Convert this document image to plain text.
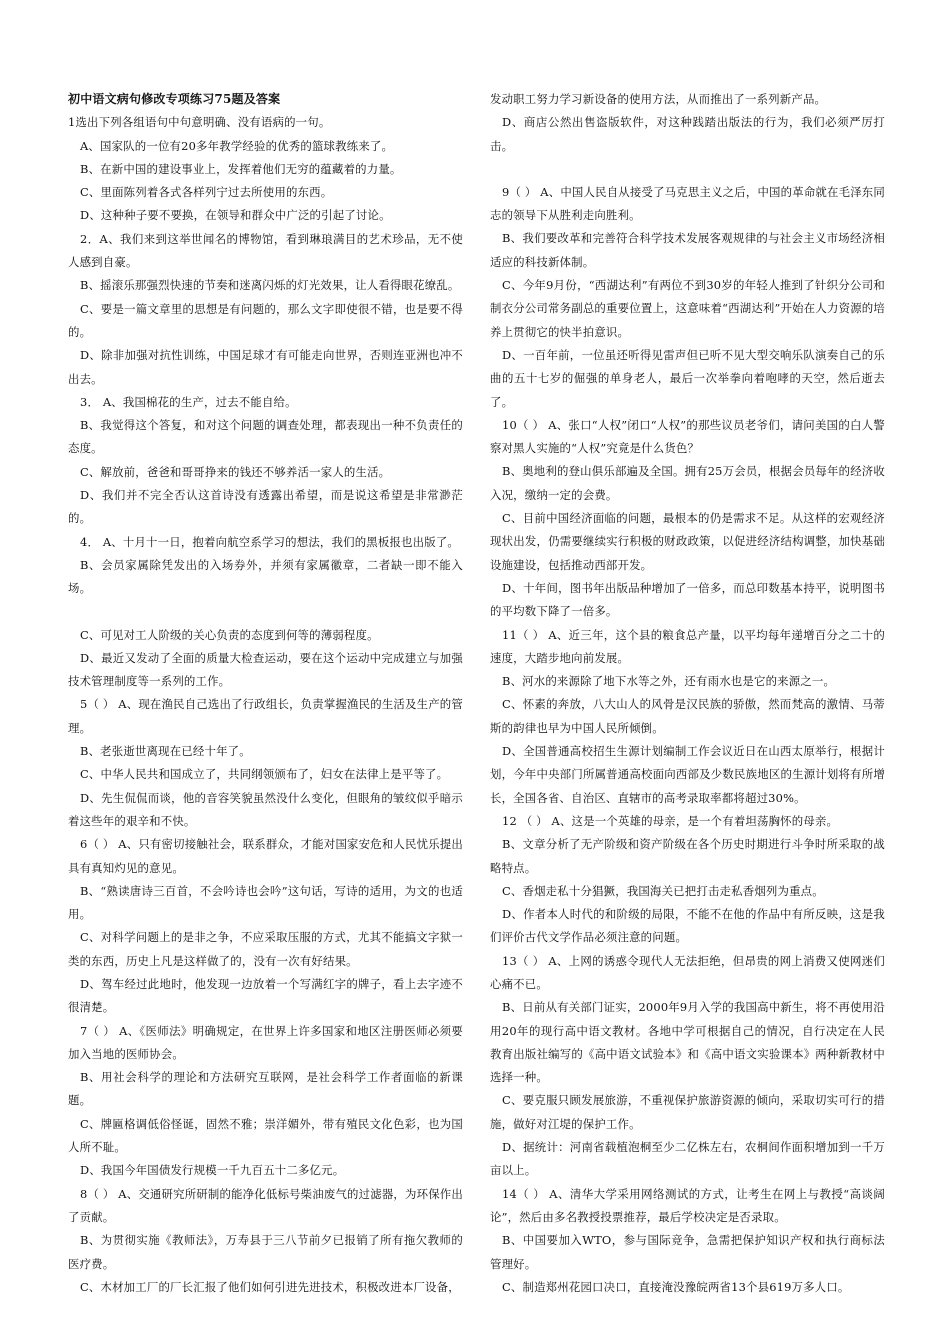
初中语文病句修改专项练习75题及答案
1选出下列各组语句中句意明确、没有语病的一句。
A、国家队的一位有20多年教学经验的优秀的篮球教练来了。
B、在新中国的建设事业上，发挥着他们无穷的蕴藏着的力量。
C、里面陈列着各式各样列宁过去所使用的东西。
D、这种种子要不要换，在领导和群众中广泛的引起了讨论。
2．A、我们来到这举世闻名的博物馆，看到琳琅满目的艺术珍品，无不使人感到自豪。
B、摇滚乐那强烈快速的节奏和迷离闪烁的灯光效果，让人看得眼花缭乱。
C、要是一篇文章里的思想是有问题的，那么文字即使很不错，也是要不得的。
D、除非加强对抗性训练，中国足球才有可能走向世界，否则连亚洲也冲不出去。
3． A、我国棉花的生产，过去不能自给。
B、我觉得这个答复，和对这个问题的调查处理，都表现出一种不负责任的态度。
C、解放前，爸爸和哥哥挣来的钱还不够养活一家人的生活。
D、我们并不完全否认这首诗没有透露出希望，而是说这希望是非常渺茫的。
4． A、十月十一日，抱着向航空系学习的想法，我们的黑板报也出版了。
B、会员家属除凭发出的入场券外，并须有家属徽章，二者缺一即不能入场。
C、可见对工人阶级的关心负责的态度到何等的薄弱程度。
D、最近又发动了全面的质量大检查运动，要在这个运动中完成建立与加强技术管理制度等一系列的工作。
5（ ） A、现在渔民自己选出了行政组长，负责掌握渔民的生活及生产的管理。
B、老张逝世离现在已经十年了。
C、中华人民共和国成立了，共同纲领颁布了，妇女在法律上是平等了。
D、先生侃侃而谈，他的音容笑貌虽然没什么变化，但眼角的皱纹似乎暗示着这些年的艰辛和不快。
6（ ） A、只有密切接触社会，联系群众，才能对国家安危和人民忧乐提出具有真知灼见的意见。
B、“熟读唐诗三百首，不会吟诗也会吟”这句话，写诗的适用，为文的也适用。
C、对科学问题上的是非之争，不应采取压服的方式，尤其不能搞文字狱一类的东西，历史上凡是这样做了的，没有一次有好结果。
D、驾车经过此地时，他发现一边放着一个写满红字的牌子，看上去字迹不很清楚。
7（ ） A、《医师法》明确规定，在世界上许多国家和地区注册医师必须要加入当地的医师协会。
B、用社会科学的理论和方法研究互联网，是社会科学工作者面临的新课题。
C、牌匾格调低俗怪诞，固然不雅；崇洋媚外，带有殖民文化色彩，也为国人所不耻。
D、我国今年国债发行规模一千九百五十二多亿元。
8（ ） A、交通研究所研制的能净化低标号柴油废气的过滤器，为环保作出了贡献。
B、为贯彻实施《教师法》，万寿县于三八节前夕已报销了所有拖欠教师的医疗费。
C、木材加工厂的厂长汇报了他们如何引进先进技术，积极改进本厂设备，
发动职工努力学习新设备的使用方法，从而推出了一系列新产品。
D、商店公然出售盗版软件，对这种践踏出版法的行为，我们必须严厉打击。
9（ ） A、中国人民自从接受了马克思主义之后，中国的革命就在毛泽东同志的领导下从胜利走向胜利。
B、我们要改革和完善符合科学技术发展客观规律的与社会主义市场经济相适应的科技新体制。
C、今年9月份，“西湖达利”有两位不到30岁的年轻人推到了针织分公司和制衣分公司常务副总的重要位置上，这意味着“西湖达利”开始在人力资源的培养上贯彻它的快半拍意识。
D、一百年前，一位虽还听得见雷声但已听不见大型交响乐队演奏自己的乐曲的五十七岁的倔强的单身老人，最后一次举拳向着咆哮的天空，然后逝去了。
10（ ） A、张口“人权”闭口“人权”的那些议员老爷们，请问美国的白人警察对黑人实施的“人权”究竟是什么货色？
B、奥地利的登山俱乐部遍及全国。拥有25万会员，根据会员每年的经济收入况，缴纳一定的会费。
C、目前中国经济面临的问题，最根本的仍是需求不足。从这样的宏观经济现状出发，仍需要继续实行积极的财政政策，以促进经济结构调整，加快基础设施建设，包括推动西部开发。
D、十年间，图书年出版品种增加了一倍多，而总印数基本持平，说明图书的平均数下降了一倍多。
11（ ） A、近三年，这个县的粮食总产量，以平均每年递增百分之二十的速度，大踏步地向前发展。
B、河水的来源除了地下水等之外，还有雨水也是它的来源之一。
C、怀素的奔放，八大山人的风骨是汉民族的骄傲，然而梵高的激情、马蒂斯的韵律也早为中国人民所倾倒。
D、全国普通高校招生生源计划编制工作会议近日在山西太原举行，根据计划，今年中央部门所属普通高校面向西部及少数民族地区的生源计划将有所增长，全国各省、自治区、直辖市的高考录取率都将超过30%。
12 （ ） A、这是一个英雄的母亲，是一个有着坦荡胸怀的母亲。
B、文章分析了无产阶级和资产阶级在各个历史时期进行斗争时所采取的战略特点。
C、香烟走私十分猖獗，我国海关已把打击走私香烟列为重点。
D、作者本人时代的和阶级的局限，不能不在他的作品中有所反映，这是我们评价古代文学作品必须注意的问题。
13（ ） A、上网的诱惑令现代人无法拒绝，但昂贵的网上消费又使网迷们心痛不已。
B、日前从有关部门证实，2000年9月入学的我国高中新生，将不再使用沿用20年的现行高中语文教材。各地中学可根据自己的情况，自行决定在人民教育出版社编写的《高中语文试验本》和《高中语文实验课本》两种新教材中选择一种。
C、要克服只顾发展旅游，不重视保护旅游资源的倾向，采取切实可行的措施，做好对江堤的保护工作。
D、据统计：河南省载植泡桐至少二亿株左右，农桐间作面积增加到一千万亩以上。
14（ ） A、清华大学采用网络测试的方式，让考生在网上与教授“高谈阔论”，然后由多名教授投票推荐，最后学校决定是否录取。
B、中国要加入WTO，参与国际竞争，急需把保护知识产权和执行商标法管理好。
C、制造郑州花园口决口，直接淹没豫皖两省13个县619万多人口。
